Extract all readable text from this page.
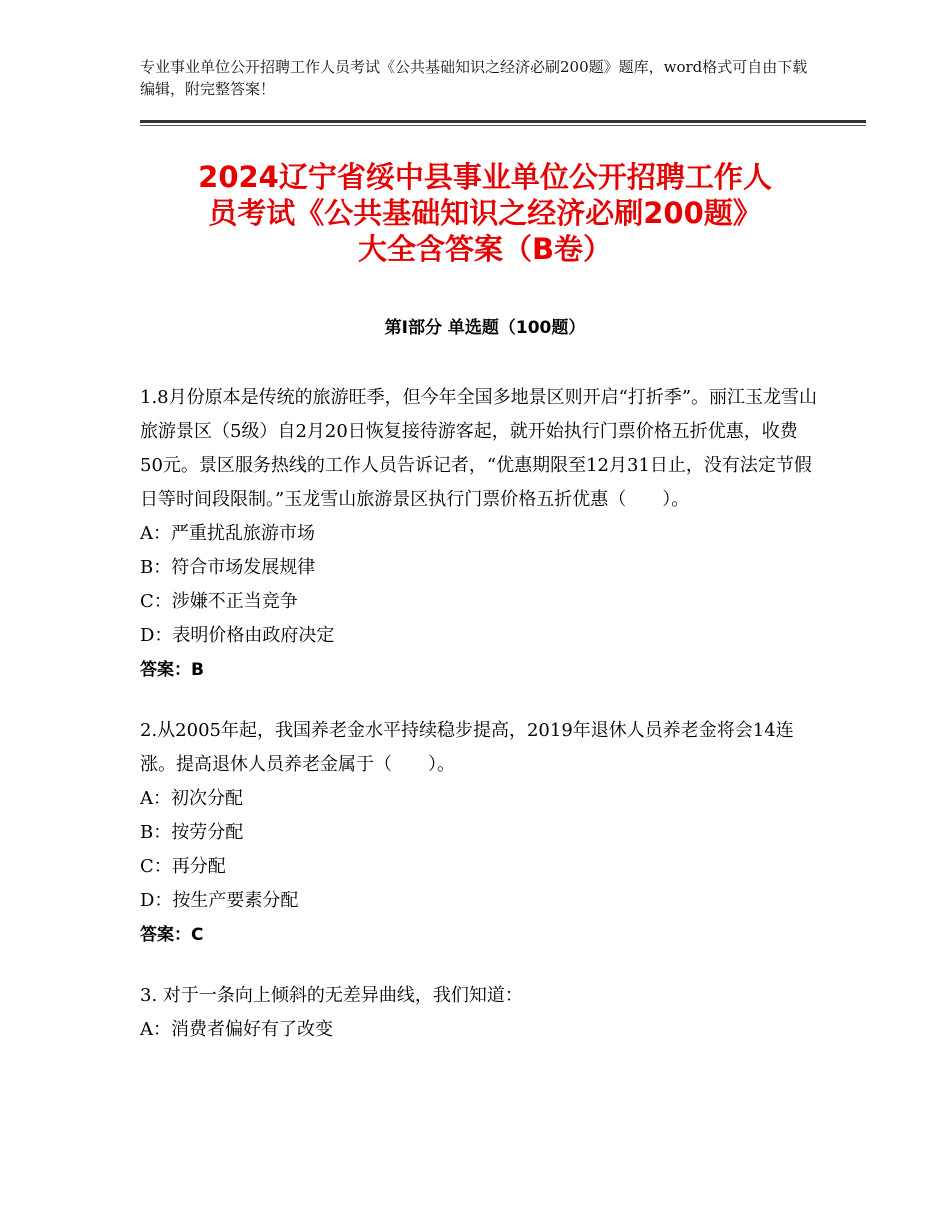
专业事业单位公开招聘工作人员考试《公共基础知识之经济必刷200题》题库，word格式可自由下载编辑，附完整答案！
2024辽宁省绥中县事业单位公开招聘工作人
员考试《公共基础知识之经济必刷200题》
大全含答案（B卷）
第Ⅰ部分 单选题（100题）

1.8月份原本是传统的旅游旺季，但今年全国多地景区则开启“打折季”。丽江玉龙雪山旅游景区（5级）自2月20日恢复接待游客起，就开始执行门票价格五折优惠，收费50元。景区服务热线的工作人员告诉记者，“优惠期限至12月31日止，没有法定节假日等时间段限制。”玉龙雪山旅游景区执行门票价格五折优惠（　　）。

A：严重扰乱旅游市场

B：符合市场发展规律

C：涉嫌不正当竞争

D：表明价格由政府决定

答案：B

2.从2005年起，我国养老金水平持续稳步提高，2019年退休人员养老金将会14连涨。提高退休人员养老金属于（　　）。

A：初次分配

B：按劳分配

C：再分配

D：按生产要素分配

答案：C

3. 对于一条向上倾斜的无差异曲线，我们知道：

A：消费者偏好有了改变
